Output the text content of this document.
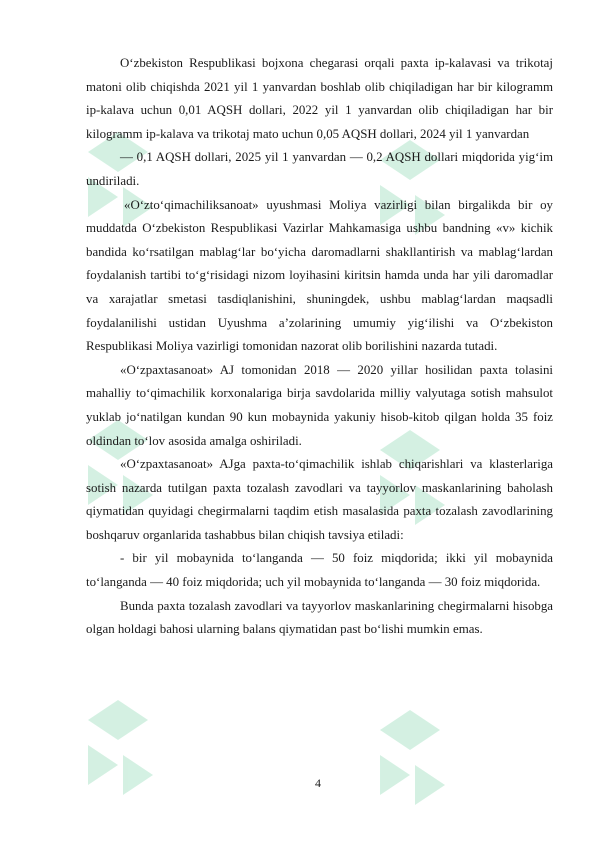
O‘zbekiston Respublikasi bojxona chegarasi orqali paxta ip-kalavasi va trikotaj matoni olib chiqishda 2021 yil 1 yanvardan boshlab olib chiqiladigan har bir kilogramm ip-kalava uchun 0,01 AQSH dollari, 2022 yil 1 yanvardan olib chiqiladigan har bir kilogramm ip-kalava va trikotaj mato uchun 0,05 AQSH dollari, 2024 yil 1 yanvardan

— 0,1 AQSH dollari, 2025 yil 1 yanvardan — 0,2 AQSH dollari miqdorida yig‘im undiriladi.

«O‘zto‘qimachiliksanoat» uyushmasi Moliya vazirligi bilan birgalikda bir oy muddatda O‘zbekiston Respublikasi Vazirlar Mahkamasiga ushbu bandning «v» kichik bandida ko‘rsatilgan mablag‘lar bo‘yicha daromadlarni shakllantirish va mablag‘lardan foydalanish tartibi to‘g‘risidagi nizom loyihasini kiritsin hamda unda har yili daromadlar va xarajatlar smetasi tasdiqlanishini, shuningdek, ushbu mablag‘lardan maqsadli foydalanilishi ustidan Uyushma a’zolarining umumiy yig‘ilishi va O‘zbekiston Respublikasi Moliya vazirligi tomonidan nazorat olib borilishini nazarda tutadi.

«O‘zpaxtasanoat» AJ tomonidan 2018 — 2020 yillar hosilidan paxta tolasini mahalliy to‘qimachilik korxonalariga birja savdolarida milliy valyutaga sotish mahsulot yuklab jo‘natilgan kundan 90 kun mobaynida yakuniy hisob-kitob qilgan holda 35 foiz oldindan to‘lov asosida amalga oshiriladi.

«O‘zpaxtasanoat» AJga paxta-to‘qimachilik ishlab chiqarishlari va klasterlariga sotish nazarda tutilgan paxta tozalash zavodlari va tayyorlov maskanlarining baholash qiymatidan quyidagi chegirmalarni taqdim etish masalasida paxta tozalash zavodlarining boshqaruv organlarida tashabbus bilan chiqish tavsiya etiladi:

- bir yil mobaynida to‘langanda — 50 foiz miqdorida; ikki yil mobaynida to‘langanda — 40 foiz miqdorida; uch yil mobaynida to‘langanda — 30 foiz miqdorida.

Bunda paxta tozalash zavodlari va tayyorlov maskanlarining chegirmalarni hisobga olgan holdagi bahosi ularning balans qiymatidan past bo‘lishi mumkin emas.

4
